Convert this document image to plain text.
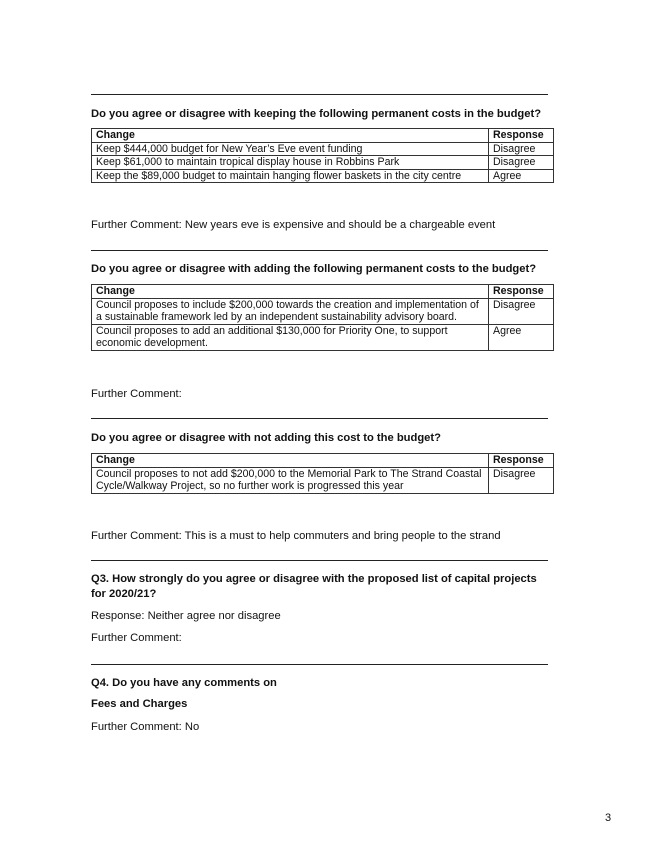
Do you agree or disagree with keeping the following permanent costs in the budget?
Change	Response
Keep $444,000 budget for New Year’s Eve event funding	Disagree
Keep $61,000 to maintain tropical display house in Robbins Park	Disagree
Keep the $89,000 budget to maintain hanging flower baskets in the city centre	Agree
Further Comment: New years eve is expensive and should be a chargeable event
Do you agree or disagree with adding the following permanent costs to the budget?
Change	Response
Council proposes to include $200,000 towards the creation and implementation of a sustainable framework led by an independent sustainability advisory board.	Disagree
Council proposes to add an additional $130,000 for Priority One, to support economic development.	Agree
Further Comment:
Do you agree or disagree with not adding this cost to the budget?
Change	Response
Council proposes to not add $200,000 to the Memorial Park to The Strand Coastal Cycle/Walkway Project, so no further work is progressed this year	Disagree
Further Comment: This is a must to help commuters and bring people to the strand
Q3. How strongly do you agree or disagree with the proposed list of capital projects for 2020/21?
Response: Neither agree nor disagree
Further Comment:
Q4. Do you have any comments on
Fees and Charges
Further Comment: No
3
